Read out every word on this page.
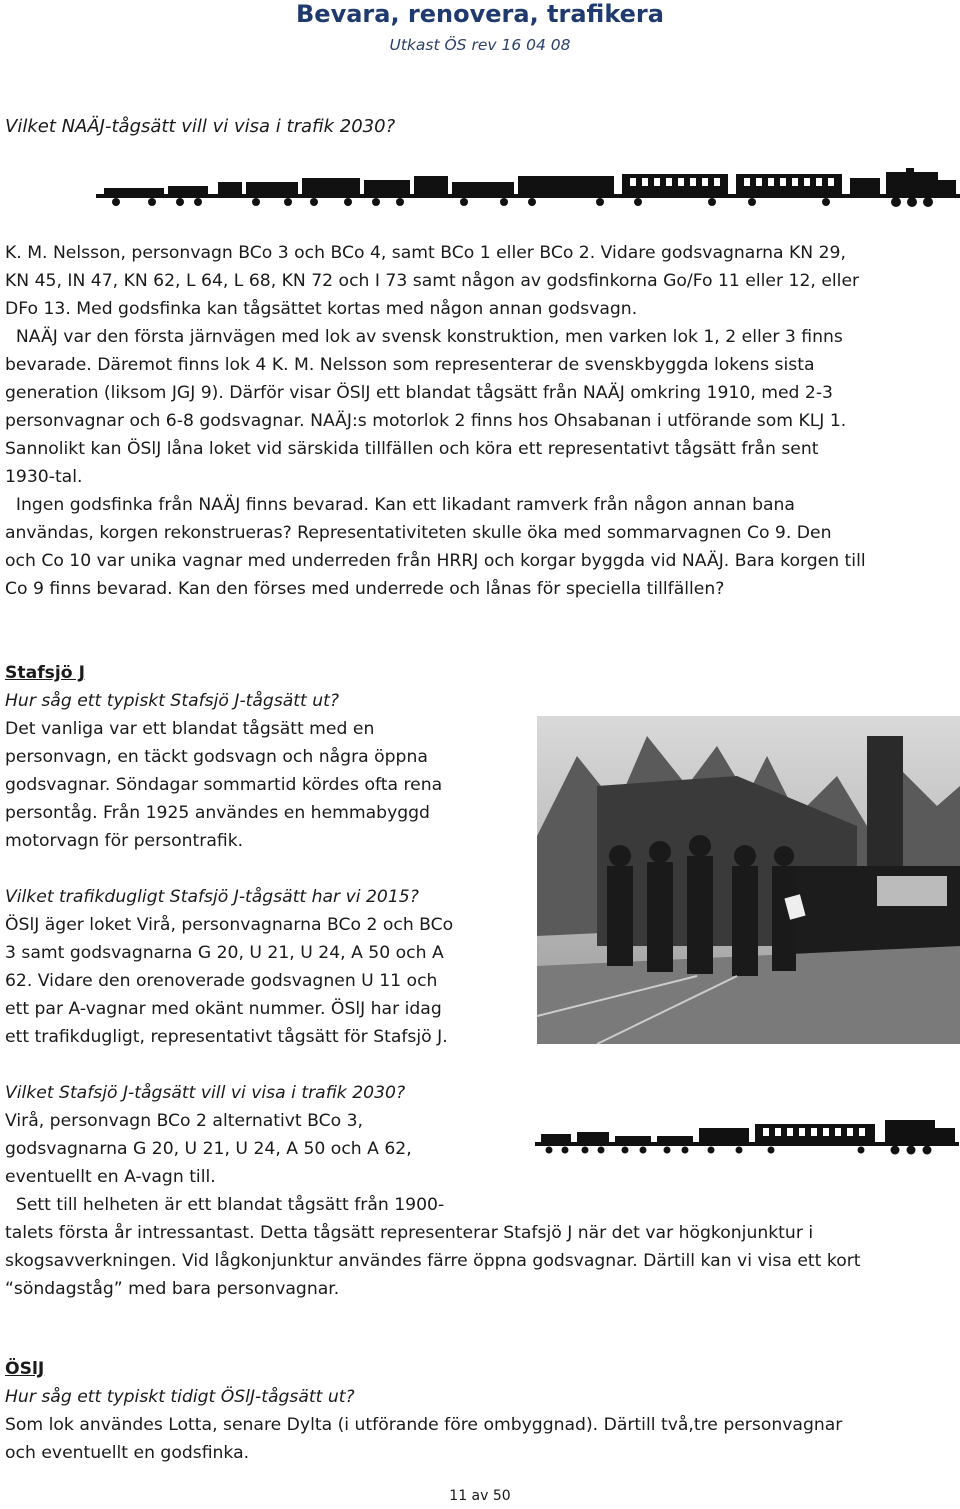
Bevara, renovera, trafikera
Utkast ÖS rev 16 04 08
Vilket NAÄJ-tågsätt vill vi visa i trafik 2030?
K. M. Nelsson, personvagn BCo 3 och BCo 4, samt BCo 1 eller BCo 2. Vidare godsvagnarna KN 29,
KN 45, IN 47, KN 62, L 64, L 68, KN 72 och I 73 samt någon av godsfinkorna Go/Fo 11 eller 12, eller
DFo 13. Med godsfinka kan tågsättet kortas med någon annan godsvagn.
NAÄJ var den första järnvägen med lok av svensk konstruktion, men varken lok 1, 2 eller 3 finns
bevarade. Däremot finns lok 4 K. M. Nelsson som representerar de svenskbyggda lokens sista
generation (liksom JGJ 9). Därför visar ÖSlJ ett blandat tågsätt från NAÄJ omkring 1910, med 2-3
personvagnar och 6-8 godsvagnar. NAÄJ:s motorlok 2 finns hos Ohsabanan i utförande som KLJ 1.
Sannolikt kan ÖSlJ låna loket vid särskida tillfällen och köra ett representativt tågsätt från sent
1930-tal.
Ingen godsfinka från NAÄJ finns bevarad. Kan ett likadant ramverk från någon annan bana
användas, korgen rekonstrueras? Representativiteten skulle öka med sommarvagnen Co 9. Den
och Co 10 var unika vagnar med underreden från HRRJ och korgar byggda vid NAÄJ. Bara korgen till
Co 9 finns bevarad. Kan den förses med underrede och lånas för speciella tillfällen?
Stafsjö J
Hur såg ett typiskt Stafsjö J-tågsätt ut?
Det vanliga var ett blandat tågsätt med en
personvagn, en täckt godsvagn och några öppna
godsvagnar. Söndagar sommartid kördes ofta rena
persontåg. Från 1925 användes en hemmabyggd
motorvagn för persontrafik.
Vilket trafikdugligt Stafsjö J-tågsätt har vi 2015?
ÖSlJ äger loket Virå, personvagnarna BCo 2 och BCo
3 samt godsvagnarna G 20, U 21, U 24, A 50 och A
62. Vidare den orenoverade godsvagnen U 11 och
ett par A-vagnar med okänt nummer. ÖSlJ har idag
ett trafikdugligt, representativt tågsätt för Stafsjö J.
Vilket Stafsjö J-tågsätt vill vi visa i trafik 2030?
Virå, personvagn BCo 2 alternativt BCo 3,
godsvagnarna G 20, U 21, U 24, A 50 och A 62,
eventuellt en A-vagn till.
Sett till helheten är ett blandat tågsätt från 1900-
talets första år intressantast. Detta tågsätt representerar Stafsjö J när det var högkonjunktur i
skogsavverkningen. Vid lågkonjunktur användes färre öppna godsvagnar. Därtill kan vi visa ett kort
“söndagståg” med bara personvagnar.
ÖSlJ
Hur såg ett typiskt tidigt ÖSlJ-tågsätt ut?
Som lok användes Lotta, senare Dylta (i utförande före ombyggnad). Därtill två,tre personvagnar
och eventuellt en godsfinka.
11 av 50
